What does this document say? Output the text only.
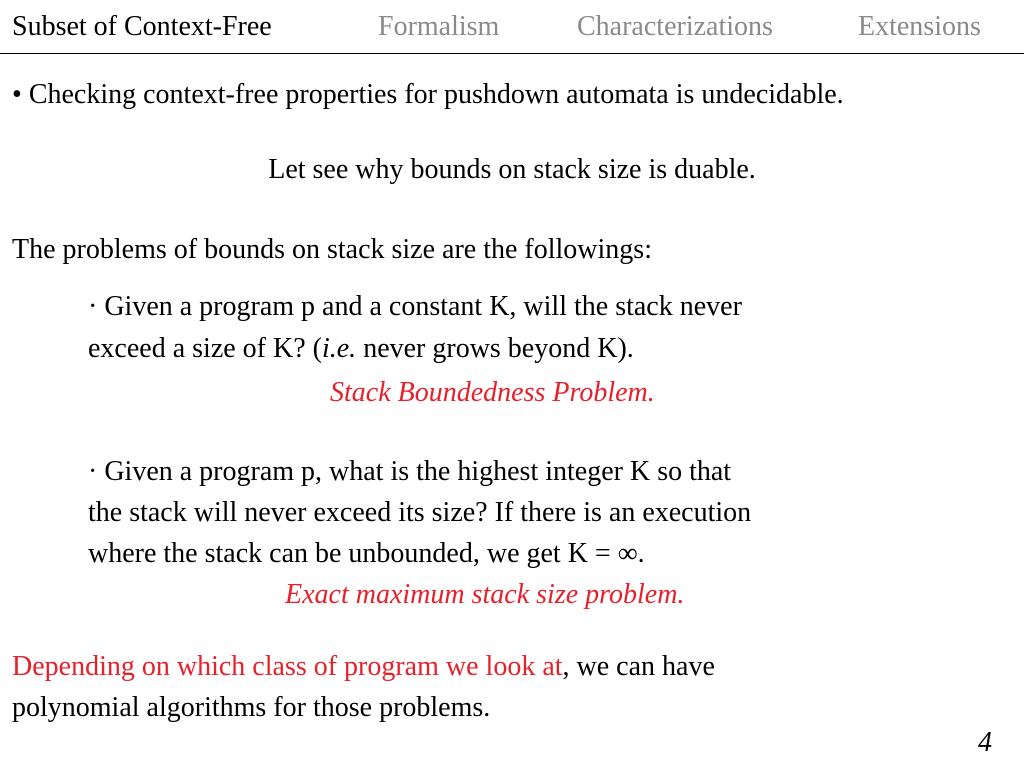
Subset of Context-Free	Formalism	Characterizations	Extensions
• Checking context-free properties for pushdown automata is undecidable.
Let see why bounds on stack size is duable.
The problems of bounds on stack size are the followings:
· Given a program p and a constant K, will the stack never
exceed a size of K? (i.e. never grows beyond K).
Stack Boundedness Problem.
· Given a program p, what is the highest integer K so that
the stack will never exceed its size? If there is an execution
where the stack can be unbounded, we get K = ∞.
Exact maximum stack size problem.
Depending on which class of program we look at, we can have
polynomial algorithms for those problems.
4
